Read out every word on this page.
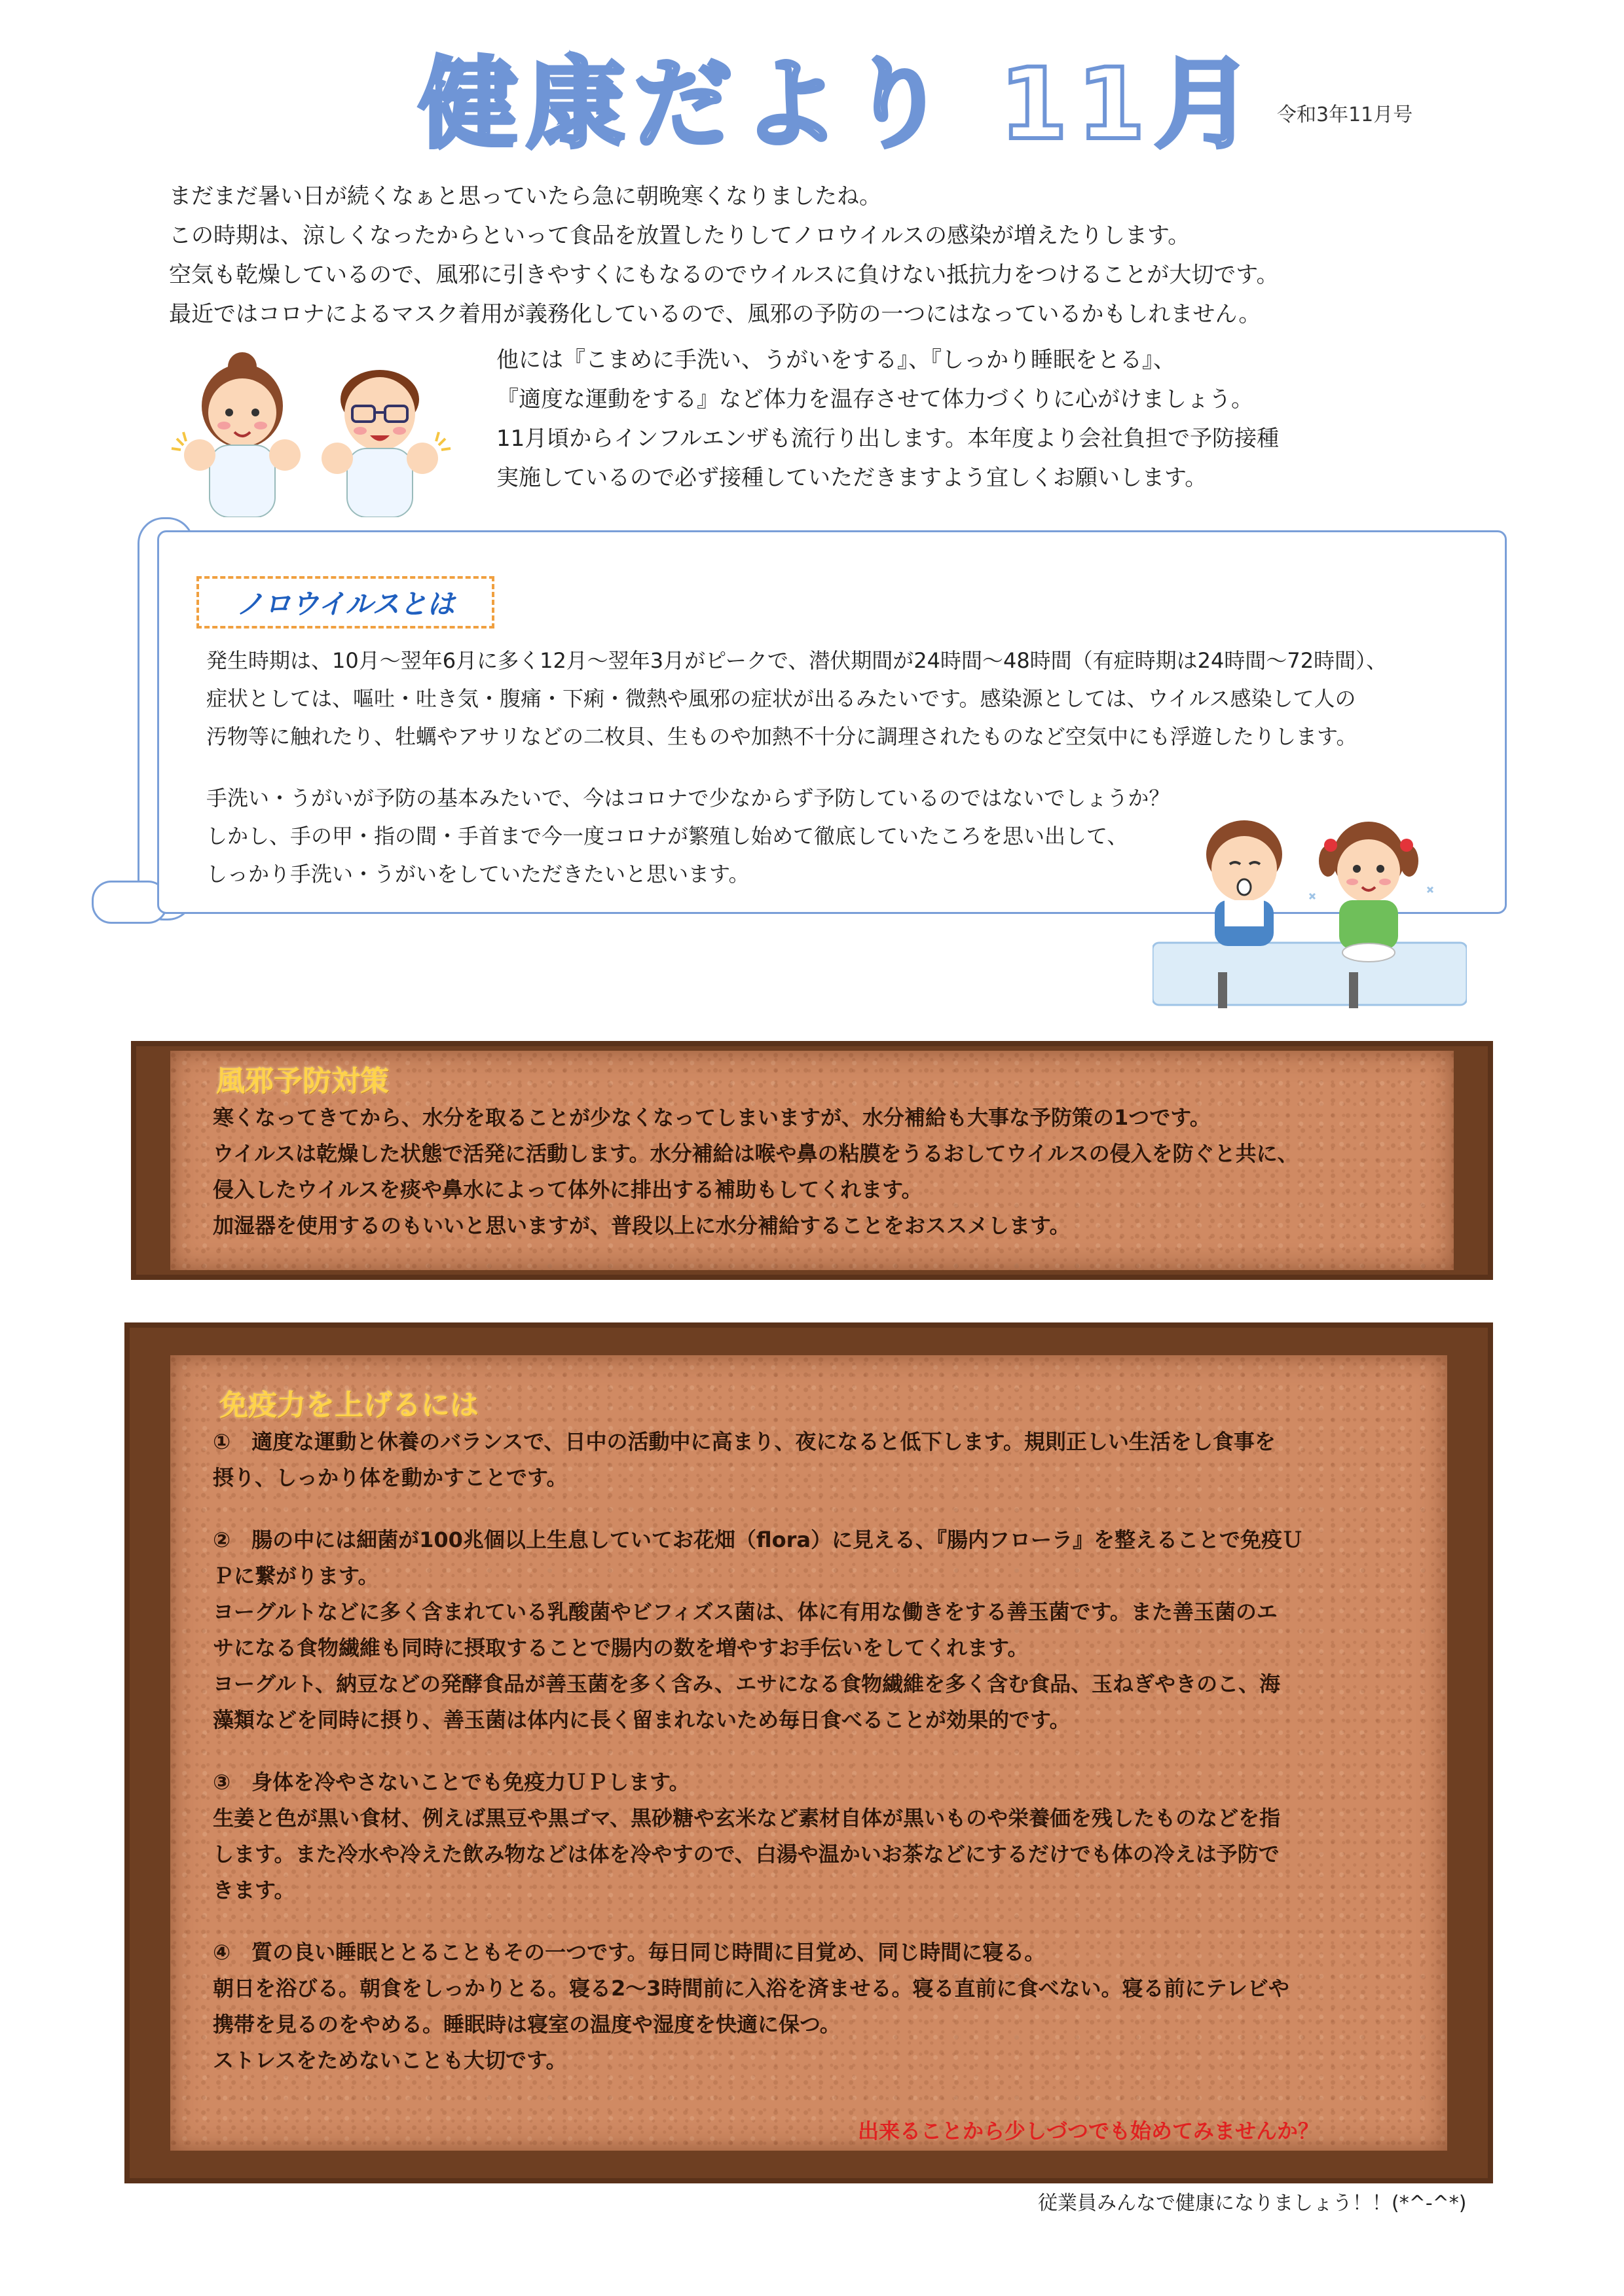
健康だより 11月 令和3年11月号
まだまだ暑い日が続くなぁと思っていたら急に朝晩寒くなりましたね。
この時期は、涼しくなったからといって食品を放置したりしてノロウイルスの感染が増えたりします。
空気も乾燥しているので、風邪に引きやすくにもなるのでウイルスに負けない抵抗力をつけることが大切です。
最近ではコロナによるマスク着用が義務化しているので、風邪の予防の一つにはなっているかもしれません。
他には『こまめに手洗い、うがいをする』、『しっかり睡眠をとる』、
『適度な運動をする』など体力を温存させて体力づくりに心がけましょう。
11月頃からインフルエンザも流行り出します。本年度より会社負担で予防接種
実施しているので必ず接種していただきますよう宜しくお願いします。
ノロウイルスとは
発生時期は、10月～翌年6月に多く12月～翌年3月がピークで、潜伏期間が24時間～48時間（有症時期は24時間～72時間）、
症状としては、嘔吐・吐き気・腹痛・下痢・微熱や風邪の症状が出るみたいです。感染源としては、ウイルス感染して人の
汚物等に触れたり、牡蠣やアサリなどの二枚貝、生ものや加熱不十分に調理されたものなど空気中にも浮遊したりします。
手洗い・うがいが予防の基本みたいで、今はコロナで少なからず予防しているのではないでしょうか？
しかし、手の甲・指の間・手首まで今一度コロナが繁殖し始めて徹底していたころを思い出して、
しっかり手洗い・うがいをしていただきたいと思います。
風邪予防対策
寒くなってきてから、水分を取ることが少なくなってしまいますが、水分補給も大事な予防策の1つです。
ウイルスは乾燥した状態で活発に活動します。水分補給は喉や鼻の粘膜をうるおしてウイルスの侵入を防ぐと共に、
侵入したウイルスを痰や鼻水によって体外に排出する補助もしてくれます。
加湿器を使用するのもいいと思いますが、普段以上に水分補給することをおススメします。
免疫力を上げるには
①　適度な運動と休養のバランスで、日中の活動中に高まり、夜になると低下します。規則正しい生活をし食事を
摂り、しっかり体を動かすことです。
②　腸の中には細菌が100兆個以上生息していてお花畑（flora）に見える、『腸内フローラ』を整えることで免疫Ｕ
Ｐに繋がります。
ヨーグルトなどに多く含まれている乳酸菌やビフィズス菌は、体に有用な働きをする善玉菌です。また善玉菌のエ
サになる食物繊維も同時に摂取することで腸内の数を増やすお手伝いをしてくれます。
ヨーグルト、納豆などの発酵食品が善玉菌を多く含み、エサになる食物繊維を多く含む食品、玉ねぎやきのこ、海
藻類などを同時に摂り、善玉菌は体内に長く留まれないため毎日食べることが効果的です。
③　身体を冷やさないことでも免疫力ＵＰします。
生姜と色が黒い食材、例えば黒豆や黒ゴマ、黒砂糖や玄米など素材自体が黒いものや栄養価を残したものなどを指
します。また冷水や冷えた飲み物などは体を冷やすので、白湯や温かいお茶などにするだけでも体の冷えは予防で
きます。
④　質の良い睡眠ととることもその一つです。毎日同じ時間に目覚め、同じ時間に寝る。
朝日を浴びる。朝食をしっかりとる。寝る2～3時間前に入浴を済ませる。寝る直前に食べない。寝る前にテレビや
携帯を見るのをやめる。睡眠時は寝室の温度や湿度を快適に保つ。
ストレスをためないことも大切です。
出来ることから少しづつでも始めてみませんか？
従業員みんなで健康になりましょう！！(*^-^*)
